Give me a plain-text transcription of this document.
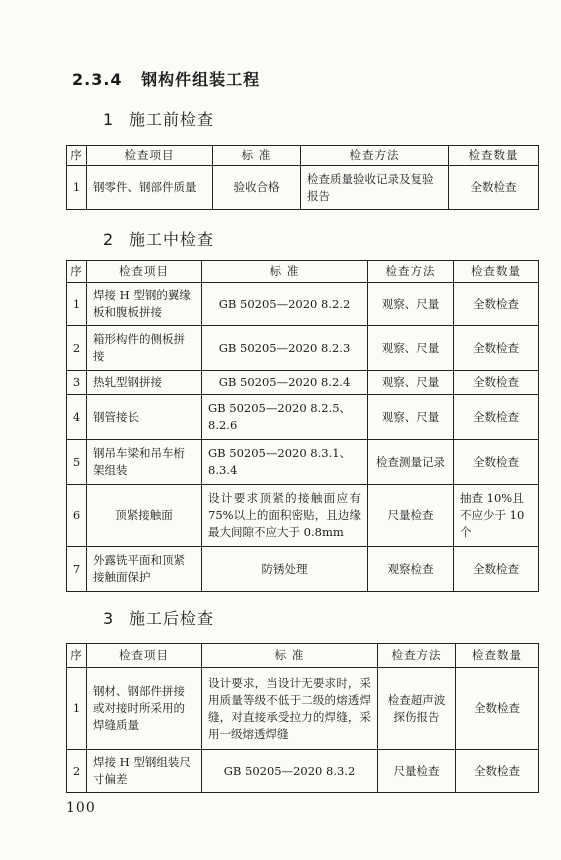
2.3.4 钢构件组装工程
1 施工前检查
序	检查项目	标 准	检查方法	检查数量
1	钢零件、钢部件质量	验收合格	检查质量验收记录及复验报告	全数检查
2 施工中检查
序	检查项目	标 准	检查方法	检查数量
1	焊接 H 型钢的翼缘板和腹板拼接	GB 50205—2020 8.2.2	观察、尺量	全数检查
2	箱形构件的侧板拼接	GB 50205—2020 8.2.3	观察、尺量	全数检查
3	热轧型钢拼接	GB 50205—2020 8.2.4	观察、尺量	全数检查
4	钢管接长	GB 50205—2020 8.2.5、8.2.6	观察、尺量	全数检查
5	钢吊车梁和吊车桁架组装	GB 50205—2020 8.3.1、8.3.4	检查测量记录	全数检查
6	顶紧接触面	设计要求顶紧的接触面应有75%以上的面积密贴，且边缘最大间隙不应大于 0.8mm	尺量检查	抽查 10%且不应少于 10 个
7	外露铣平面和顶紧接触面保护	防锈处理	观察检查	全数检查
3 施工后检查
序	检查项目	标 准	检查方法	检查数量
1	钢材、钢部件拼接或对接时所采用的焊缝质量	设计要求，当设计无要求时，采用质量等级不低于二级的熔透焊缝，对直接承受拉力的焊缝，采用一级熔透焊缝	检查超声波探伤报告	全数检查
2	焊接 H 型钢组装尺寸偏差	GB 50205—2020 8.3.2	尺量检查	全数检查
100
